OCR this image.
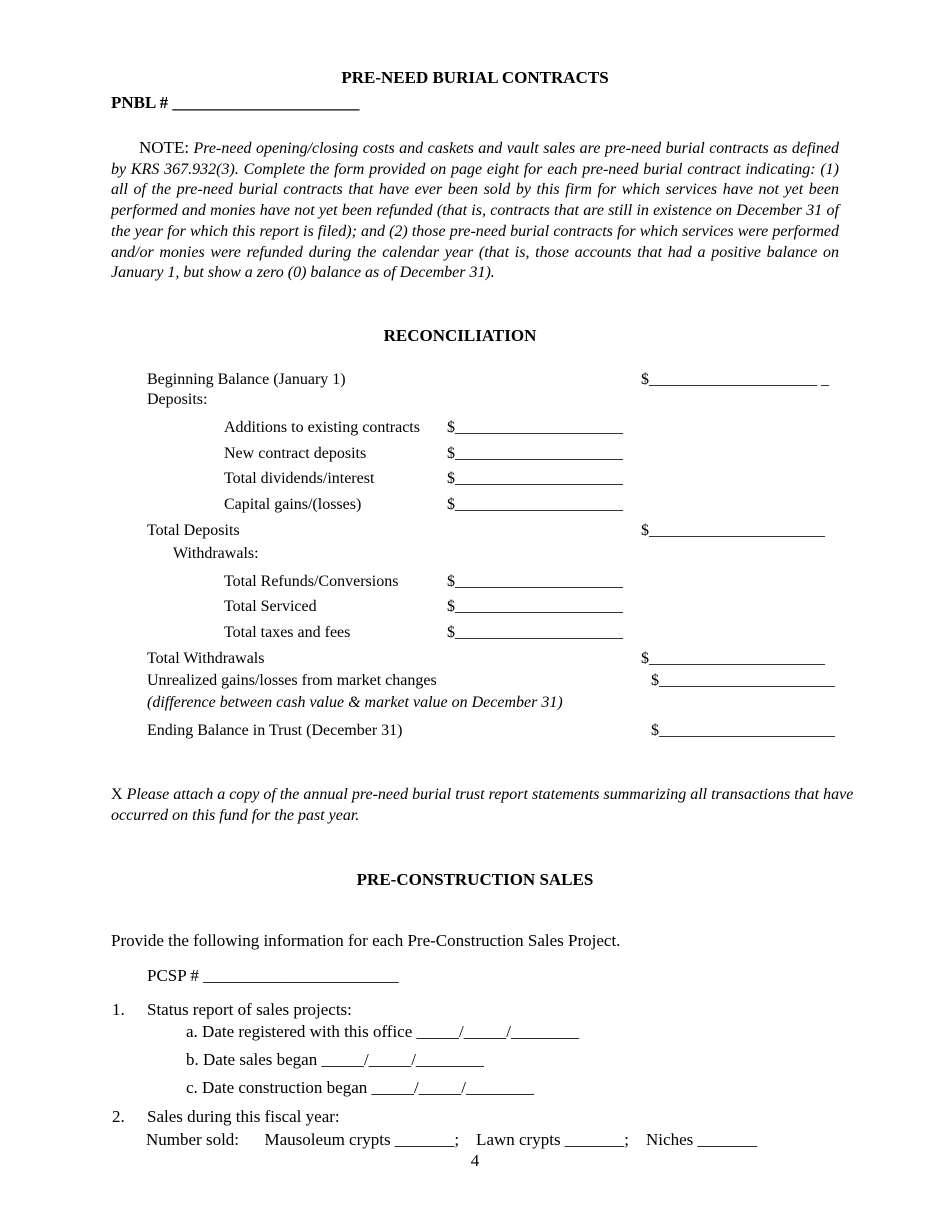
PRE-NEED BURIAL CONTRACTS
PNBL # ______________________
NOTE: Pre-need opening/closing costs and caskets and vault sales are pre-need burial contracts as defined by KRS 367.932(3). Complete the form provided on page eight for each pre-need burial contract indicating: (1) all of the pre-need burial contracts that have ever been sold by this firm for which services have not yet been performed and monies have not yet been refunded (that is, contracts that are still in existence on December 31 of the year for which this report is filed); and (2) those pre-need burial contracts for which services were performed and/or monies were refunded during the calendar year (that is, those accounts that had a positive balance on January 1, but show a zero (0) balance as of December 31).
RECONCILIATION
Beginning Balance (January 1)	$_____________________ _
Deposits:
Additions to existing contracts $_____________________
New contract deposits	$_____________________
Total dividends/interest	$_____________________
Capital gains/(losses)	$_____________________
Total Deposits	$______________________
Withdrawals:
Total Refunds/Conversions	$_____________________
Total Serviced	$_____________________
Total taxes and fees	$_____________________
Total Withdrawals	$______________________
Unrealized gains/losses from market changes	$______________________
(difference between cash value & market value on December 31)
Ending Balance in Trust (December 31)	$______________________
X Please attach a copy of the annual pre-need burial trust report statements summarizing all transactions that have occurred on this fund for the past year.
PRE-CONSTRUCTION SALES
Provide the following information for each Pre-Construction Sales Project.
PCSP # _______________________
1. Status report of sales projects:
a. Date registered with this office _____/_____/________
b. Date sales began _____/_____/________
c. Date construction began _____/_____/________
2. Sales during this fiscal year:
Number sold:      Mausoleum crypts _______;    Lawn crypts _______;    Niches _______
4
